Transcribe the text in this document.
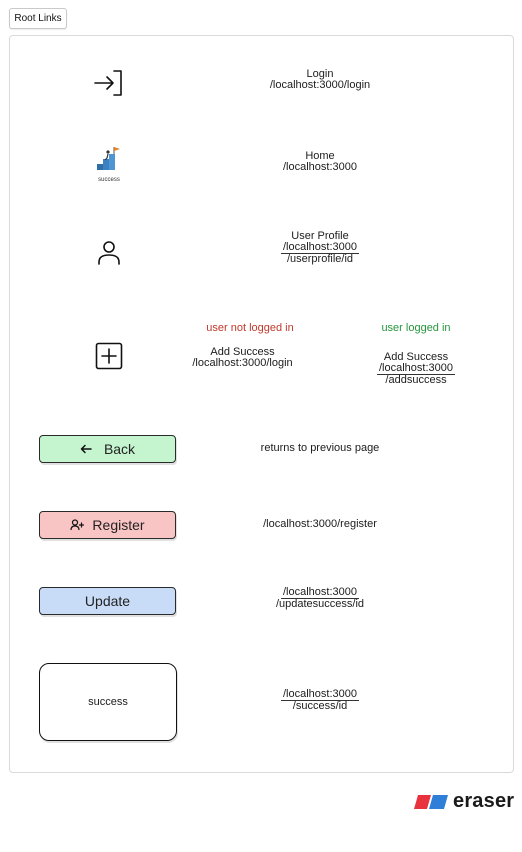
Root Links
Login
/localhost:3000/login
success
Home
/localhost:3000
User Profile
/localhost:3000
/userprofile/id
user not logged in
Add Success
/localhost:3000/login
user logged in
Add Success
/localhost:3000
/addsuccess
Back	returns to previous page
Register	/localhost:3000/register
Update
/localhost:3000
/updatesuccess/id
success
/localhost:3000
/success/id
eraser
